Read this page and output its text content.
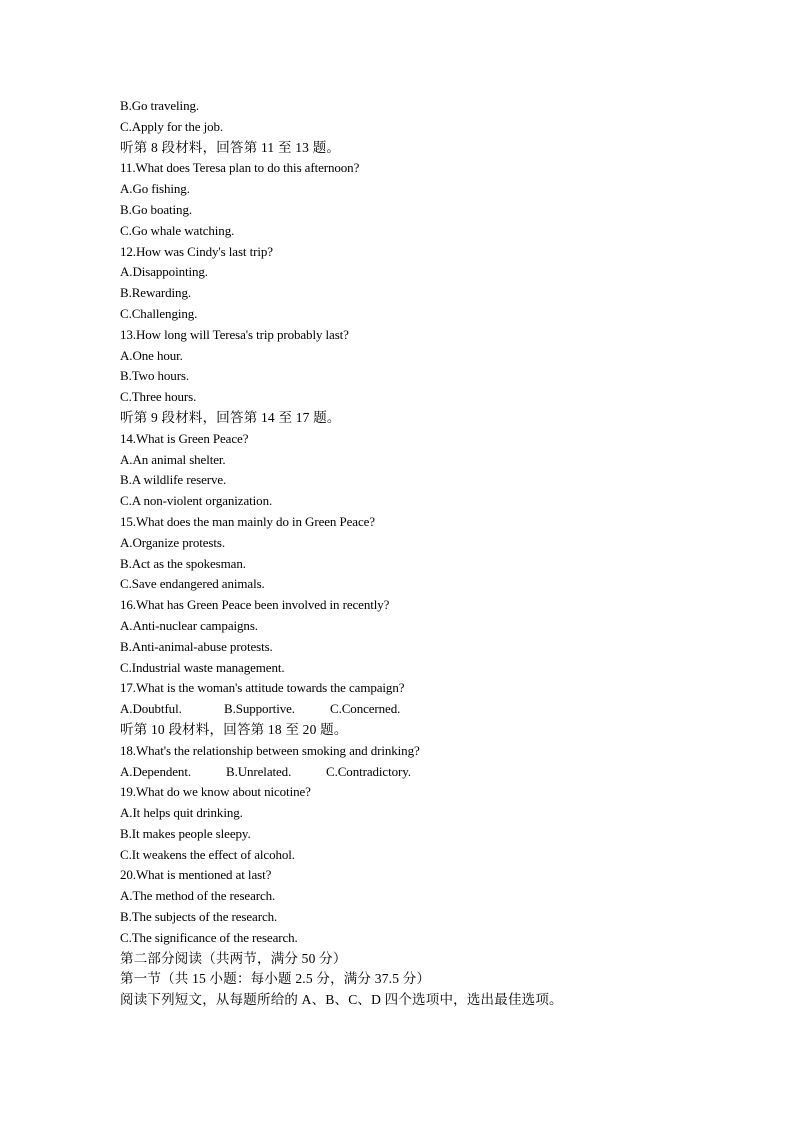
B.Go traveling.
C.Apply for the job.
听第 8 段材料，回答第 11 至 13 题。
11.What does Teresa plan to do this afternoon?
A.Go fishing.
B.Go boating.
C.Go whale watching.
12.How was Cindy's last trip?
A.Disappointing.
B.Rewarding.
C.Challenging.
13.How long will Teresa's trip probably last?
A.One hour.
B.Two hours.
C.Three hours.
听第 9 段材料，回答第 14 至 17 题。
14.What is Green Peace?
A.An animal shelter.
B.A wildlife reserve.
C.A non-violent organization.
15.What does the man mainly do in Green Peace?
A.Organize protests.
B.Act as the spokesman.
C.Save endangered animals.
16.What has Green Peace been involved in recently?
A.Anti-nuclear campaigns.
B.Anti-animal-abuse protests.
C.Industrial waste management.
17.What is the woman's attitude towards the campaign?
A.Doubtful.	B.Supportive.	C.Concerned.
听第 10 段材料，回答第 18 至 20 题。
18.What's the relationship between smoking and drinking?
A.Dependent.	B.Unrelated.	C.Contradictory.
19.What do we know about nicotine?
A.It helps quit drinking.
B.It makes people sleepy.
C.It weakens the effect of alcohol.
20.What is mentioned at last?
A.The method of the research.
B.The subjects of the research.
C.The significance of the research.
第二部分阅读（共两节，满分 50 分）
第一节（共 15 小题：每小题 2.5 分，满分 37.5 分）
阅读下列短文，从每题所给的 A、B、C、D 四个选项中，选出最佳选项。
